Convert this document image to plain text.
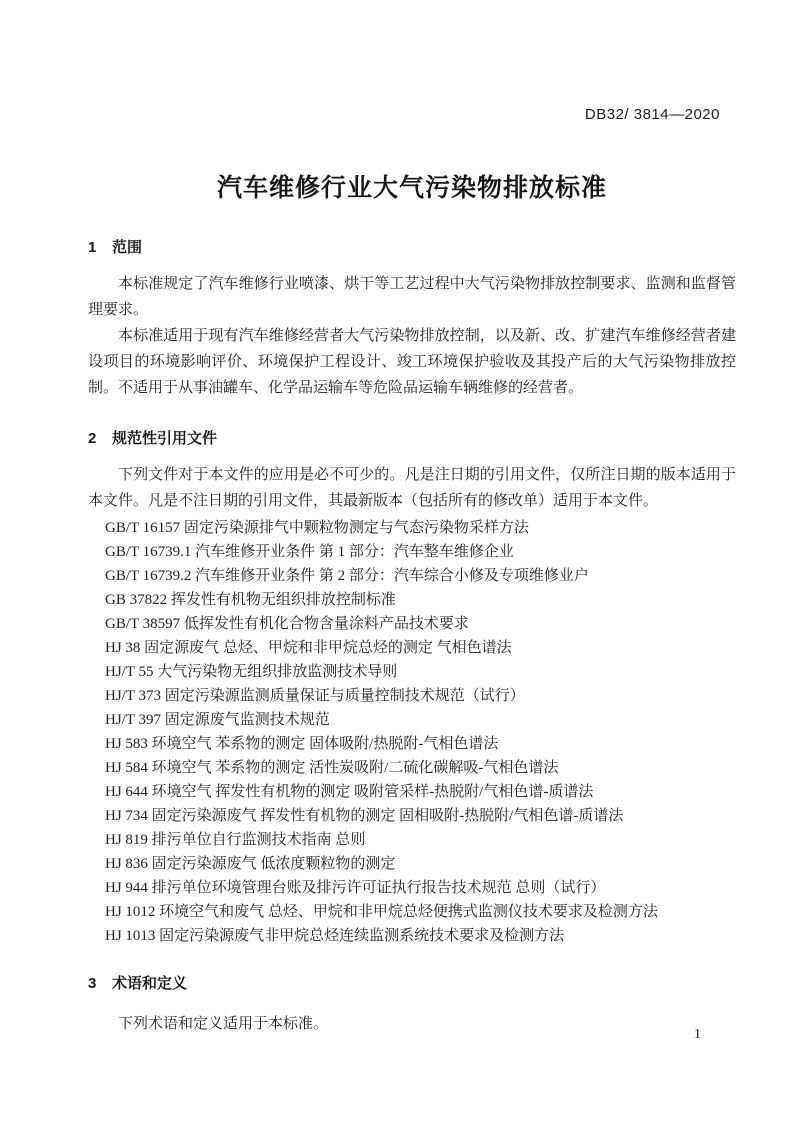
DB32/ 3814—2020
汽车维修行业大气污染物排放标准
1 范围

本标准规定了汽车维修行业喷漆、烘干等工艺过程中大气污染物排放控制要求、监测和监督管理要求。

本标准适用于现有汽车维修经营者大气污染物排放控制，以及新、改、扩建汽车维修经营者建设项目的环境影响评价、环境保护工程设计、竣工环境保护验收及其投产后的大气污染物排放控制。不适用于从事油罐车、化学品运输车等危险品运输车辆维修的经营者。

2 规范性引用文件

下列文件对于本文件的应用是必不可少的。凡是注日期的引用文件，仅所注日期的版本适用于本文件。凡是不注日期的引用文件，其最新版本（包括所有的修改单）适用于本文件。

GB/T 16157 固定污染源排气中颗粒物测定与气态污染物采样方法
GB/T 16739.1 汽车维修开业条件 第 1 部分：汽车整车维修企业
GB/T 16739.2 汽车维修开业条件 第 2 部分：汽车综合小修及专项维修业户
GB 37822 挥发性有机物无组织排放控制标准
GB/T 38597 低挥发性有机化合物含量涂料产品技术要求
HJ 38 固定源废气 总烃、甲烷和非甲烷总烃的测定 气相色谱法
HJ/T 55 大气污染物无组织排放监测技术导则
HJ/T 373 固定污染源监测质量保证与质量控制技术规范（试行）
HJ/T 397 固定源废气监测技术规范
HJ 583 环境空气 苯系物的测定 固体吸附/热脱附-气相色谱法
HJ 584 环境空气 苯系物的测定 活性炭吸附/二硫化碳解吸-气相色谱法
HJ 644 环境空气 挥发性有机物的测定 吸附管采样-热脱附/气相色谱-质谱法
HJ 734 固定污染源废气 挥发性有机物的测定 固相吸附-热脱附/气相色谱-质谱法
HJ 819 排污单位自行监测技术指南 总则
HJ 836 固定污染源废气 低浓度颗粒物的测定
HJ 944 排污单位环境管理台账及排污许可证执行报告技术规范 总则（试行）
HJ 1012 环境空气和废气 总烃、甲烷和非甲烷总烃便携式监测仪技术要求及检测方法
HJ 1013 固定污染源废气非甲烷总烃连续监测系统技术要求及检测方法
3 术语和定义

下列术语和定义适用于本标准。

1
